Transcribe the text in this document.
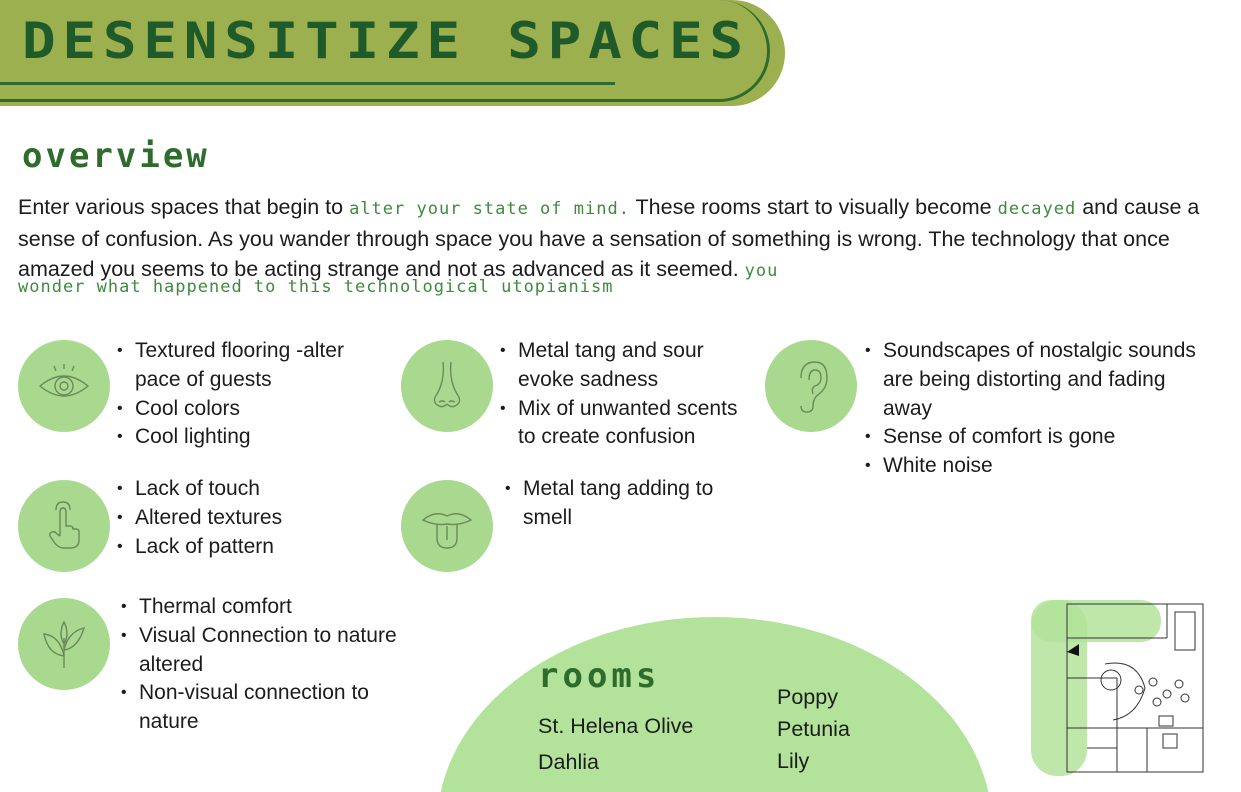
DESENSITIZE SPACES
overview

Enter various spaces that begin to alter your state of mind. These rooms start to visually become decayed and cause a sense of confusion. As you wander through space you have a sensation of something is wrong. The technology that once amazed you seems to be acting strange and not as advanced as it seemed. you
wonder what happened to this technological utopianism

• Textured flooring -alter pace of guests
• Cool colors
• Cool lighting
• Lack of touch
• Altered textures
• Lack of pattern
• Thermal comfort
• Visual Connection to nature altered
• Non-visual connection to nature
• Metal tang and sour evoke sadness
• Mix of unwanted scents to create confusion
• Metal tang adding to smell
• Soundscapes of nostalgic sounds are being distorting and fading away
• Sense of comfort is gone
• White noise
rooms
St. Helena Olive
Dahlia
Poppy
Petunia
Lily
